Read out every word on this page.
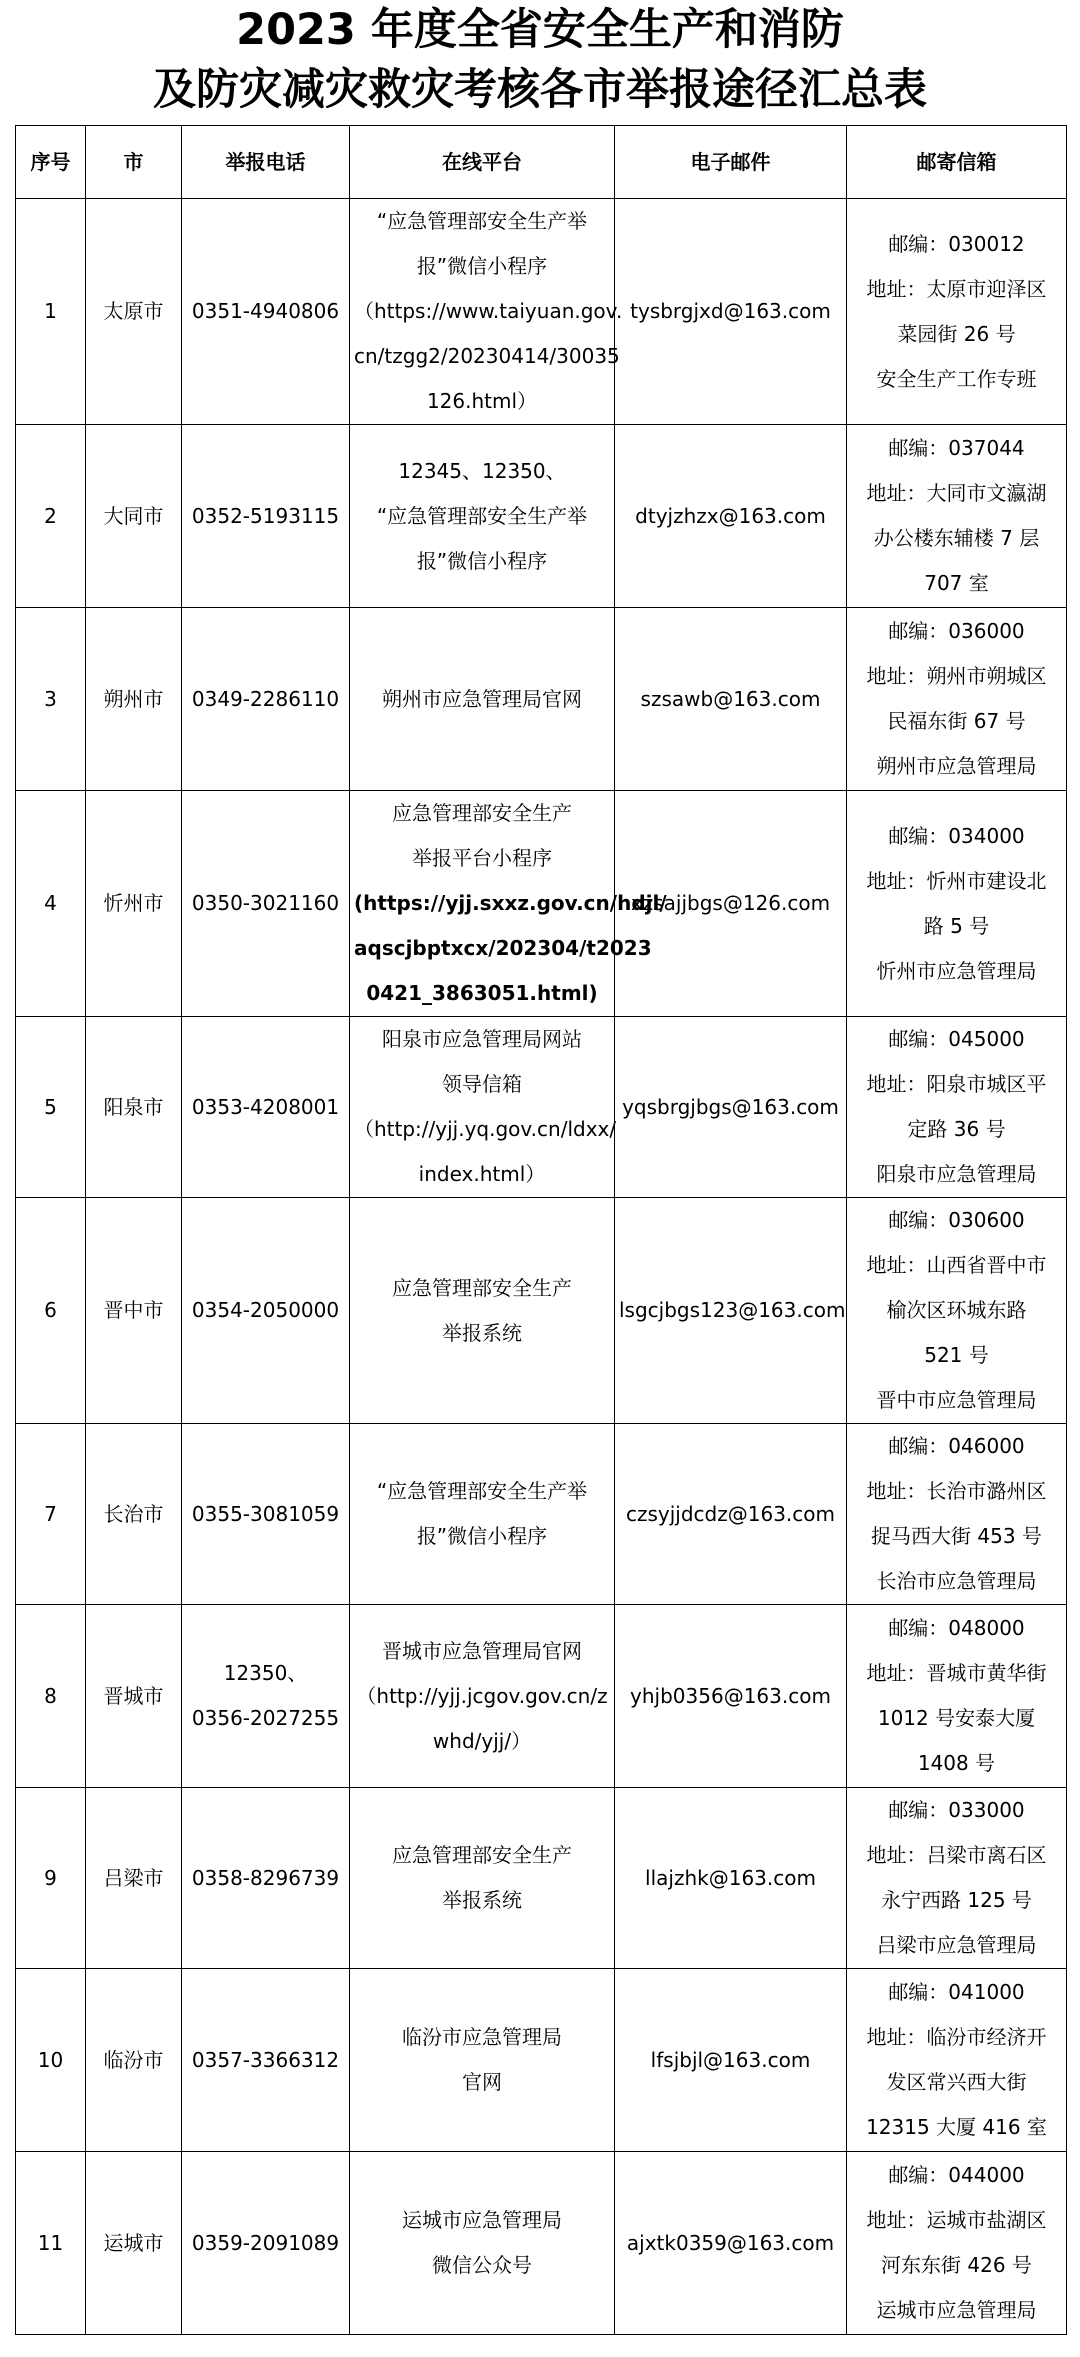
2023 年度全省安全生产和消防
及防灾减灾救灾考核各市举报途径汇总表
序号	市	举报电话	在线平台	电子邮件	邮寄信箱
1	太原市	0351-4940806	“应急管理部安全生产举
报”微信小程序
（https://www.taiyuan.gov.
cn/tzgg2/20230414/30035
126.html）	tysbrgjxd@163.com	邮编：030012
地址：太原市迎泽区
菜园街 26 号
安全生产工作专班

2	大同市	0352-5193115	12345、12350、
“应急管理部安全生产举
报”微信小程序	dtyjzhzx@163.com	邮编：037044
地址：大同市文瀛湖
办公楼东辅楼 7 层
707 室

3	朔州市	0349-2286110	朔州市应急管理局官网	szsawb@163.com	邮编：036000
地址：朔州市朔城区
民福东街 67 号
朔州市应急管理局

4	忻州市	0350-3021160	应急管理部安全生产
举报平台小程序
(https://yjj.sxxz.gov.cn/hdjl/
aqscjbptxcx/202304/t2023
0421_3863051.html)	xzsajjbgs@126.com	邮编：034000
地址：忻州市建设北
路 5 号
忻州市应急管理局

5	阳泉市	0353-4208001	阳泉市应急管理局网站
领导信箱
（http://yjj.yq.gov.cn/ldxx/
index.html）	yqsbrgjbgs@163.com	邮编：045000
地址：阳泉市城区平
定路 36 号
阳泉市应急管理局

6	晋中市	0354-2050000	应急管理部安全生产
举报系统	lsgcjbgs123@163.com	邮编：030600
地址：山西省晋中市
榆次区环城东路
521 号
晋中市应急管理局

7	长治市	0355-3081059	“应急管理部安全生产举
报”微信小程序	czsyjjdcdz@163.com	邮编：046000
地址：长治市潞州区
捉马西大街 453 号
长治市应急管理局

8	晋城市	12350、
0356-2027255	晋城市应急管理局官网
（http://yjj.jcgov.gov.cn/z
whd/yjj/）	yhjb0356@163.com	邮编：048000
地址：晋城市黄华街
1012 号安泰大厦
1408 号

9	吕梁市	0358-8296739	应急管理部安全生产
举报系统	llajzhk@163.com	邮编：033000
地址：吕梁市离石区
永宁西路 125 号
吕梁市应急管理局

10	临汾市	0357-3366312	临汾市应急管理局
官网	lfsjbjl@163.com	邮编：041000
地址：临汾市经济开
发区常兴西大街
12315 大厦 416 室

11	运城市	0359-2091089	运城市应急管理局
微信公众号	ajxtk0359@163.com	邮编：044000
地址：运城市盐湖区
河东东街 426 号
运城市应急管理局
